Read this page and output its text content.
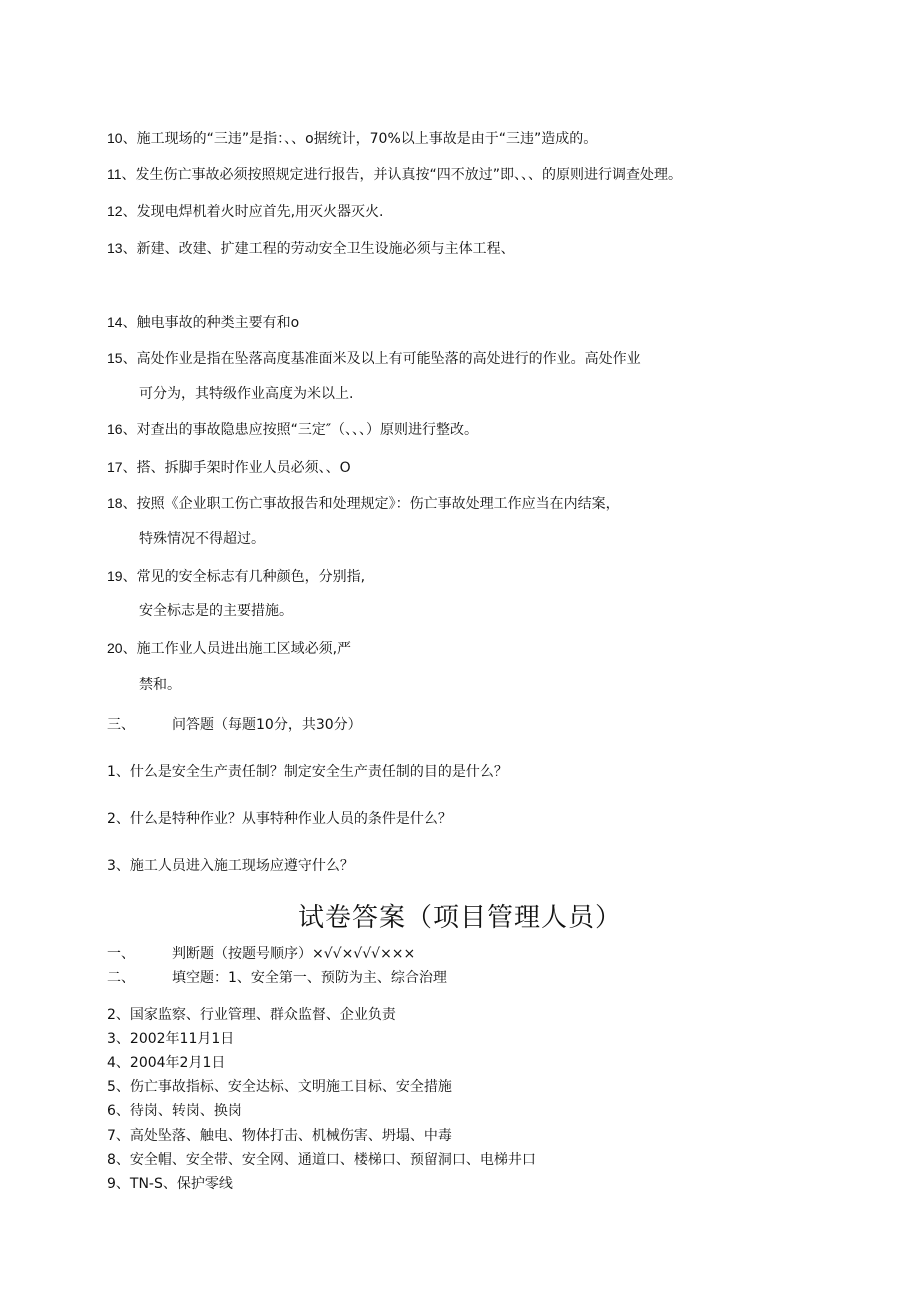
10、施工现场的“三违”是指：、、o据统计，70%以上事故是由于“三违”造成的。
11、发生伤亡事故必须按照规定进行报告，并认真按“四不放过”即、、、的原则进行调查处理。
12、发现电焊机着火时应首先,用灭火器灭火.
13、新建、改建、扩建工程的劳动安全卫生设施必须与主体工程、
14、触电事故的种类主要有和o
15、高处作业是指在坠落高度基准面米及以上有可能坠落的高处进行的作业。高处作业
可分为，其特级作业高度为米以上.
16、对查出的事故隐患应按照“三定″（、、、）原则进行整改。
17、搭、拆脚手架时作业人员必须、、O
18、按照《企业职工伤亡事故报告和处理规定》：伤亡事故处理工作应当在内结案，
特殊情况不得超过。
19、常见的安全标志有几种颜色，分别指,
安全标志是的主要措施。
20、施工作业人员进出施工区域必须,严
禁和。
三、	问答题（每题10分，共30分）
1、什么是安全生产责任制？制定安全生产责任制的目的是什么？
2、什么是特种作业？从事特种作业人员的条件是什么？
3、施工人员进入施工现场应遵守什么？
试卷答案（项目管理人员）
一、	判断题（按题号顺序）×√√×√√√×××
二、	填空题：1、安全第一、预防为主、综合治理
2、国家监察、行业管理、群众监督、企业负责
3、2002年11月1日
4、2004年2月1日
5、伤亡事故指标、安全达标、文明施工目标、安全措施
6、待岗、转岗、换岗
7、高处坠落、触电、物体打击、机械伤害、坍塌、中毒
8、安全帽、安全带、安全网、通道口、楼梯口、预留洞口、电梯井口
9、TN-S、保护零线
